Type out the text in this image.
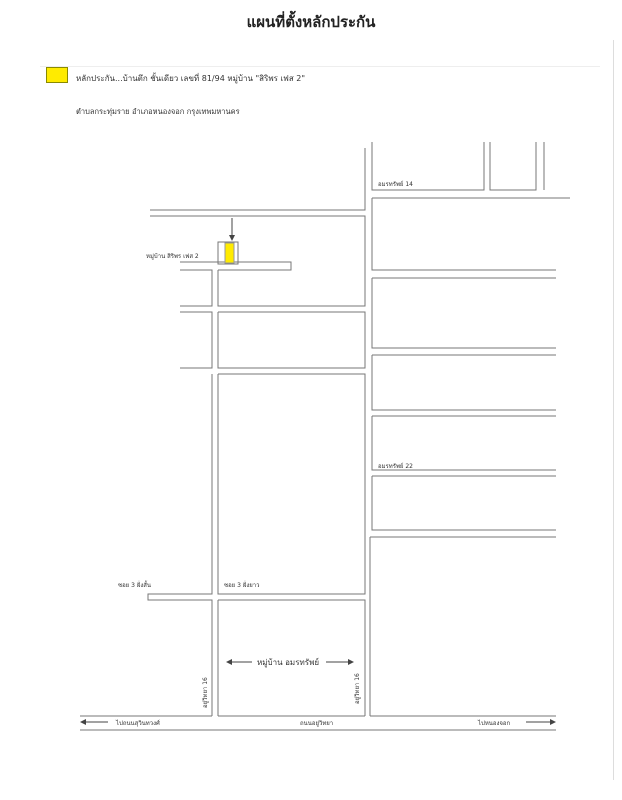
แผนที่ตั้งหลักประกัน
หลักประกัน...บ้านตึก ชั้นเดียว เลขที่ 81/94 หมู่บ้าน "สิริพร เฟส 2"
ตำบลกระทุ่มราย อำเภอหนองจอก กรุงเทพมหานคร
อมรทรัพย์ 14
หมู่บ้าน สิริพร เฟส 2
อมรทรัพย์ 22
ซอย 3 ฝั่งสั้น	ซอย 3 ฝั่งยาว
หมู่บ้าน อมรทรัพย์
อยู่วิทยา 16	อยู่วิทยา 16
ไปถนนสุวินทวงศ์	ถนนอยู่วิทยา	ไปหนองจอก
